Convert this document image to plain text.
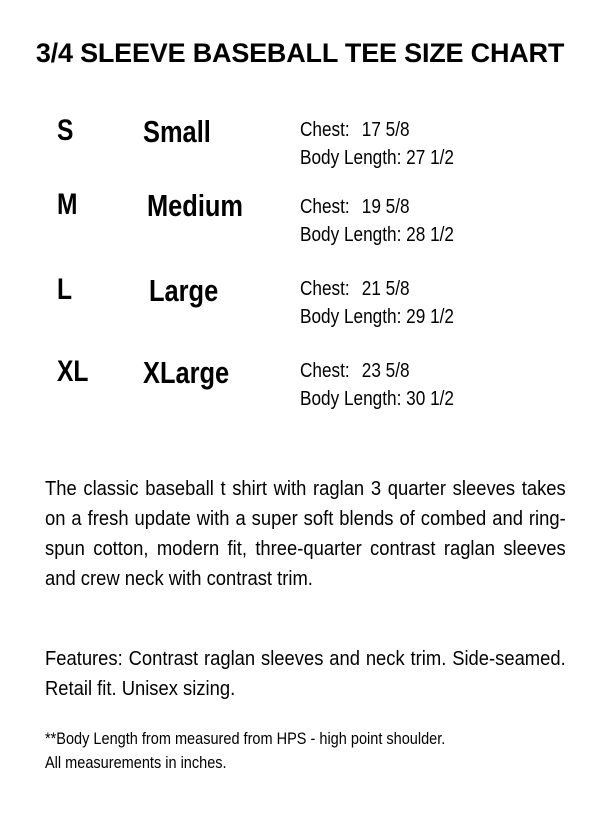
3/4 SLEEVE BASEBALL TEE SIZE CHART
S Small	Chest: 17 5/8
Body Length: 27 1/2
M Medium	Chest: 19 5/8
Body Length: 28 1/2
L Large	Chest: 21 5/8
Body Length: 29 1/2
XL XLarge	Chest: 23 5/8
Body Length: 30 1/2
The classic baseball t shirt with raglan 3 quarter sleeves takes on a fresh update with a super soft blends of combed and ring-spun cotton, modern fit, three-quarter contrast raglan sleeves and crew neck with contrast trim.
Features: Contrast raglan sleeves and neck trim. Side-seamed. Retail fit. Unisex sizing.
**Body Length from measured from HPS - high point shoulder.
All measurements in inches.
